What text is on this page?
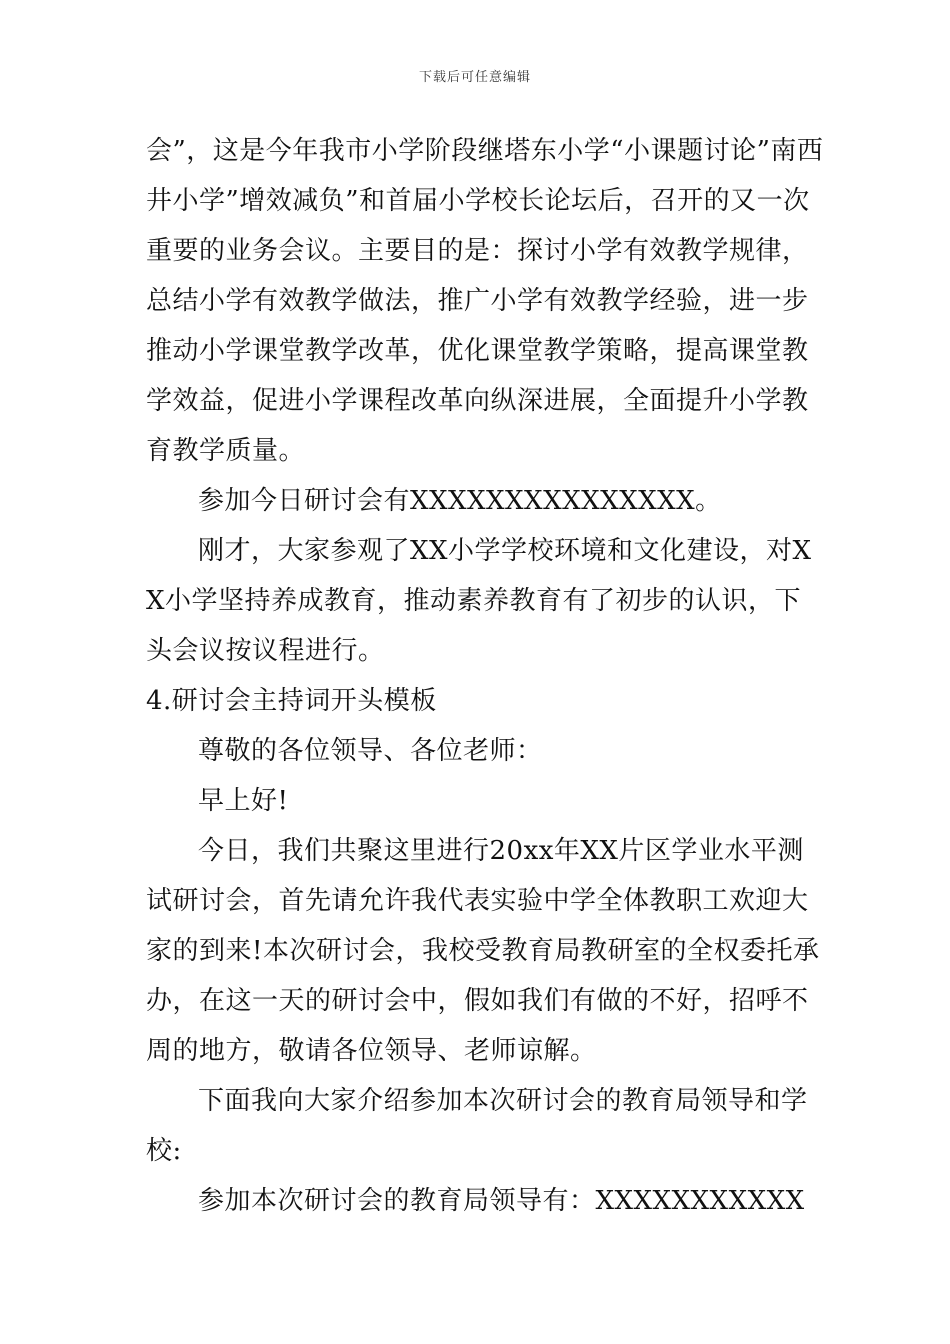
下载后可任意编辑

会”，这是今年我市小学阶段继塔东小学“小课题讨论”南西井小学”增效减负”和首届小学校长论坛后，召开的又一次重要的业务会议。主要目的是：探讨小学有效教学规律，总结小学有效教学做法，推广小学有效教学经验，进一步推动小学课堂教学改革，优化课堂教学策略，提高课堂教学效益，促进小学课程改革向纵深进展，全面提升小学教育教学质量。

参加今日研讨会有XXXXXXXXXXXXXXX。

刚才，大家参观了XX小学学校环境和文化建设，对XX小学坚持养成教育，推动素养教育有了初步的认识，下头会议按议程进行。

4.研讨会主持词开头模板

尊敬的各位领导、各位老师：

早上好!

今日，我们共聚这里进行20xx年XX片区学业水平测试研讨会，首先请允许我代表实验中学全体教职工欢迎大家的到来!本次研讨会，我校受教育局教研室的全权委托承办，在这一天的研讨会中，假如我们有做的不好，招呼不周的地方，敬请各位领导、老师谅解。

下面我向大家介绍参加本次研讨会的教育局领导和学校:

参加本次研讨会的教育局领导有：XXXXXXXXXXX
